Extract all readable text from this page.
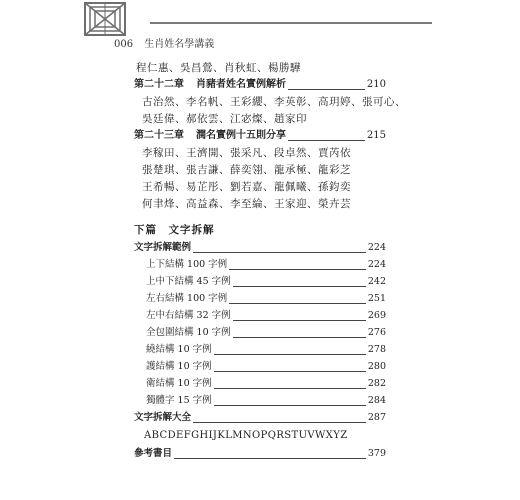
006 生肖姓名學講義
程仁惠、吳昌鶯、肖秋虹、楊勝驊
第二十二章 肖豬者姓名實例解析	210
古治然、李名帆、王彩纓、李英彰、高玥婷、張可心、
吳廷偉、郝依雲、江宓燦、趙家印
第二十三章 潤名實例十五則分享	215
李稼田、王濟開、張采凡、段卓然、賈芮依
張楚琪、張吉謙、薛奕翎、龍承極、龍彩芝
王希暢、易芷彤、劉若嘉、龍佩曦、孫鈞奕
何聿烽、高益森、李至綸、王家迎、榮卉芸
下篇　文字拆解
文字拆解範例	224
上下結構 100 字例	224
上中下結構 45 字例	242
左右結構 100 字例	251
左中右結構 32 字例	269
全包圍結構 10 字例	276
繞結構 10 字例	278
護結構 10 字例	280
衛結構 10 字例	282
獨體字 15 字例	284
文字拆解大全	287
ABCDEFGHIJKLMNOPQRSTUVWXYZ
參考書目	379
